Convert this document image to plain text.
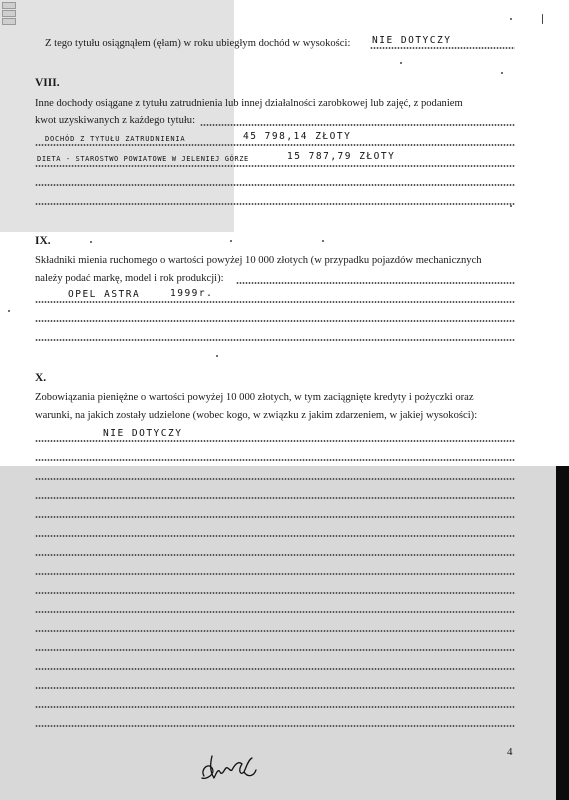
Z tego tytułu osiągnąłem (ęłam) w roku ubiegłym dochód w wysokości: NIE DOTYCZY
VIII.
Inne dochody osiągane z tytułu zatrudnienia lub innej działalności zarobkowej lub zajęć, z podaniem
kwot uzyskiwanych z każdego tytułu:
DOCHÓD Z TYTUŁU ZATRUDNIENIA	45 798,14 ZŁOTY
DIETA - STAROSTWO POWIATOWE W JELENIEJ GÓRZE	15 787,79 ZŁOTY
IX.
Składniki mienia ruchomego o wartości powyżej 10 000 złotych (w przypadku pojazdów mechanicznych
należy podać markę, model i rok produkcji):
OPEL ASTRA	1999r.
X.
Zobowiązania pieniężne o wartości powyżej 10 000 złotych, w tym zaciągnięte kredyty i pożyczki oraz
warunki, na jakich zostały udzielone (wobec kogo, w związku z jakim zdarzeniem, w jakiej wysokości):
NIE DOTYCZY
4
